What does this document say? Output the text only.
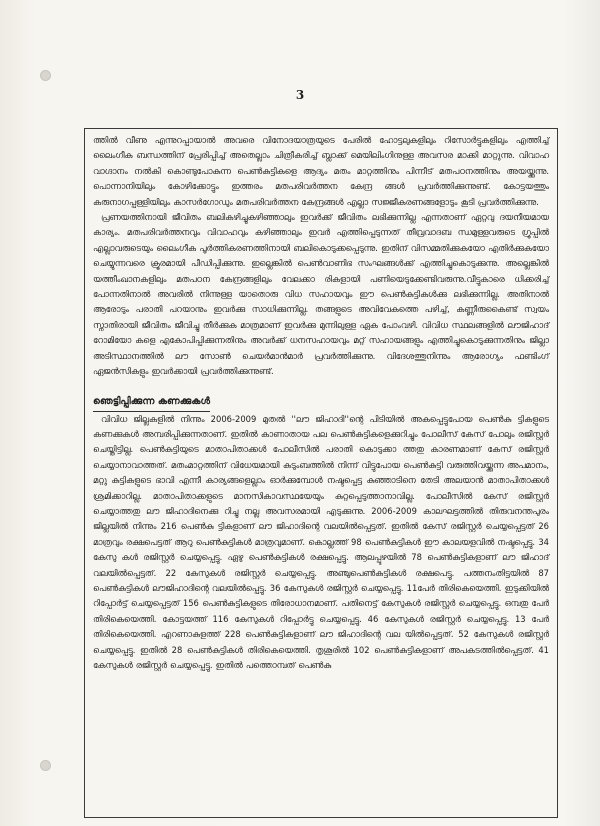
3

ത്തിൽ വീണു എന്നുറപ്പായാൽ അവരെ വിനോദയാത്രയുടെ പേരിൽ ഹോട്ടലുകളിലും റിസോർട്ടുകളിലും എത്തിച്ച് ലൈംഗീക ബന്ധത്തിന് പ്രേരിപ്പിച്ച് അതെല്ലാം ചിത്രീകരിച്ച് ബ്ലാക്ക് മെയിലിംഗിനുള്ള അവസര മാക്കി മാറ്റുന്നു. വിവാഹ വാഗ്ദാനം നൽകി കൊണ്ടുപോകുന്ന പെൺകുട്ടികളെ ആദ്യം മതം മാറ്റത്തിനും പിന്നീട് മതപഠനത്തിനും അയയ്ക്കുന്നു. പൊന്നാനിയിലും കോഴിക്കോട്ടും ഇത്തരം മതപരിവർത്തന കേന്ദ്ര ങ്ങൾ പ്രവർത്തിക്കുന്നുണ്ട്. കോട്ടയത്തും കരുനാഗപ്പള്ളിയിലും കാസർഗോഡും മതപരിവർത്തന കേന്ദ്രങ്ങൾ എല്ലാ സജ്ജീകരണങ്ങളോടും കൂടി പ്രവർത്തിക്കുന്നു.

പ്രണയത്തിനായി ജീവിതം ബലികഴിച്ചുകഴിഞ്ഞാലും ഇവർക്ക് ജീവിതം ലഭിക്കുന്നില്ല എന്നതാണ് ഏറ്റവു ദയനീയമായ കാര്യം. മതപരിവർത്തനവും വിവാഹവും കഴിഞ്ഞാലും ഇവർ എത്തിപ്പെടുന്നത് തീവ്രവാദബ ന്ധമുള്ളവരുടെ ഗ്രൂപ്പിൽ എല്ലാവരുടെയും ലൈംഗീക പൂർത്തികരണത്തിനായി ബലികൊടുക്കപ്പെടുന്നു. ഇതിന് വിസമ്മതിക്കുകയോ എതിർക്കുകയോ ചെയ്യുന്നവരെ ക്രൂരമായി പീഡിപ്പിക്കുന്നു. ഇല്ലെങ്കിൽ പെൺവാണിഭ സംഘങ്ങൾക്ക് എത്തിച്ചുകൊടുക്കുന്നു. അല്ലെങ്കിൽ യത്തീംഖാനകളിലും മതപഠന കേന്ദ്രങ്ങളിലും വേലക്കാ രികളായി പണിയെടുക്കേണ്ടിവരുന്നു.വീട്ടുകാരെ ധിക്കരിച്ച് പോന്നതിനാൽ അവരിൽ നിന്നുള്ള യാതൊരു വിധ സഹായവും ഈ പെൺകുട്ടികൾക്കു ലഭിക്കുന്നില്ല. അതിനാൽ ആരോടും പരാതി പറയാനും ഇവർക്കു സാധിക്കുന്നില്ല. തങ്ങളുടെ അവിവേകത്തെ പഴിച്ച്, കണ്ണീരുകൈണ്ട് സ്വയം സ്നാതിരായി ജീവിതം ജീവിച്ചു തീർക്കുക മാത്രമാണ് ഇവർക്കു മുന്നിലുള്ള ഏക പോംവഴി. വിവിധ സ്ഥലങ്ങളിൽ ലൗജിഹാദ് റോമിയോ കളെ എകോപിപ്പിക്കുന്നതിനും അവർക്ക് ധനസഹായവും മറ്റ് സഹായങ്ങളും എത്തിച്ചുകൊടുക്കുന്നതിനും ജില്ലാ അടിസ്ഥാനത്തിൽ ലൗ സോൺ ചെയർമാൻമാർ പ്രവർത്തിക്കുന്നു. വിദേശത്തുനിന്നും ആരോഗ്യം ഫണ്ടിംഗ് ഏജൻസികളും ഇവർക്കായി പ്രവർത്തിക്കുന്നുണ്ട്.

ഞെട്ടിപ്പിക്കുന്ന കണക്കുകൾ

വിവിധ ജില്ലകളിൽ നിന്നും 2006-2009 മുതൽ ''ലൗ ജിഹാദി''ന്റെ പിടിയിൽ അകപ്പെട്ടുപോയ പെൺകു ട്ടികളുടെ കണക്കുകൾ അമ്പരിപ്പിക്കുന്നതാണ്. ഇതിൽ കാണാതായ പല പെൺകുട്ടികളെക്കുറിച്ചും പോലീസ് കേസ് പോലും രജിസ്റ്റർ ചെയ്തിട്ടില്ല. പെൺകുട്ടിയുടെ മാതാപിതാക്കൾ പോലീസിൽ പരാതി കൊടുക്കാ ത്തതു കാരണമാണ് കേസ് രജിസ്റ്റർ ചെയ്യാനാവാത്തത്. മതംമാറ്റത്തിന് വിധേയമായി കുടുംബത്തിൽ നിന്ന് വിട്ടുപോയ പെൺകുട്ടി വരുത്തിവയ്ക്കുന്ന അപമാനം, മറ്റു കുട്ടികളുടെ ഭാവി എന്നീ കാര്യങ്ങളെല്ലാം ഓർക്കുമ്പോൾ നഷ്ടപ്പെട്ട കുഞ്ഞാടിനെ തേടി അലയാൻ മാതാപിതാക്കൾ ശ്രമിക്കാറില്ല. മാതാപിതാക്കളുടെ മാനസികാവസ്ഥയേയും കുറ്റപ്പെടുത്താനാവില്ല. പോലീസിൽ കേസ് രജിസ്റ്റർ ചെയ്യാത്തതു ലൗ ജിഹാദിനെക്കു റിച്ചു നല്ല അവസരമായി എടുക്കുന്നു. 2006-2009 കാലഘട്ടത്തിൽ തിരുവനന്തപുരം ജില്ലയിൽ നിന്നും 216 പെൺകു ട്ടികളാണ് ലൗ ജിഹാദിന്റെ വലയിൽപ്പെട്ടത്. ഇതിൽ കേസ് രജിസ്റ്റർ ചെയ്യപ്പെട്ടത് 26 മാത്രവും രക്ഷപെട്ടത് ആറു പെൺകുട്ടികൾ മാത്രവുമാണ്. കൊല്ലത്ത് 98 പെൺകുട്ടികൾ ഈ കാലയളവിൽ നഷ്ടപ്പെട്ടു. 34 കേസു കൾ രജിസ്റ്റർ ചെയ്യപ്പെട്ടു. ഏഴു പെൺകുട്ടികൾ രക്ഷപ്പെട്ടു. ആലപ്പുഴയിൽ 78 പെൺകുട്ടികളാണ് ലൗ ജിഹാദ് വലയിൽപ്പെട്ടത്. 22 കേസുകൾ രജിസ്റ്റർ ചെയ്യപ്പെട്ടു. അഞ്ചുപെൺകുട്ടികൾ രക്ഷപെട്ടു. പത്തനംതിട്ടയിൽ 87 പെൺകുട്ടികൾ ലൗജിഹാദിന്റെ വലയിൽപ്പെട്ടു. 36 കേസുകൾ രജിസ്റ്റർ ചെയ്യപ്പെട്ടു. 11പേർ തിരികെയെത്തി. ഇടുക്കിയിൽ റിപ്പോർട്ട് ചെയ്യപ്പെട്ടത് 156 പെൺകുട്ടികളുടെ തിരോധാനമാണ്. പതിനെട്ട് കേസുകൾ രജിസ്റ്റർ ചെയ്യപ്പെട്ടു. ഒമ്പതു പേർ തിരികെയെത്തി. കോട്ടയത്ത് 116 കേസുകൾ റിപ്പോർട്ടു ചെയ്യപ്പെട്ടു. 46 കേസുകൾ രജിസ്റ്റർ ചെയ്യപ്പെട്ടു. 13 പേർ തിരികെയെത്തി. എറണാകുളത്ത് 228 പെൺകുട്ടികളാണ് ലൗ ജിഹാദിന്റെ വല യിൽപ്പെട്ടത്. 52 കേസുകൾ രജിസ്റ്റർ ചെയ്യപ്പെട്ടു. ഇതിൽ 28 പെൺകുട്ടികൾ തിരികെയെത്തി. തൃശൂരിൽ 102 പെൺകുട്ടികളാണ് അപകടത്തിൽപ്പെട്ടത്. 41 കേസുകൾ രജിസ്റ്റർ ചെയ്യപ്പെട്ടു. ഇതിൽ പത്തൊമ്പത് പെൺകു
